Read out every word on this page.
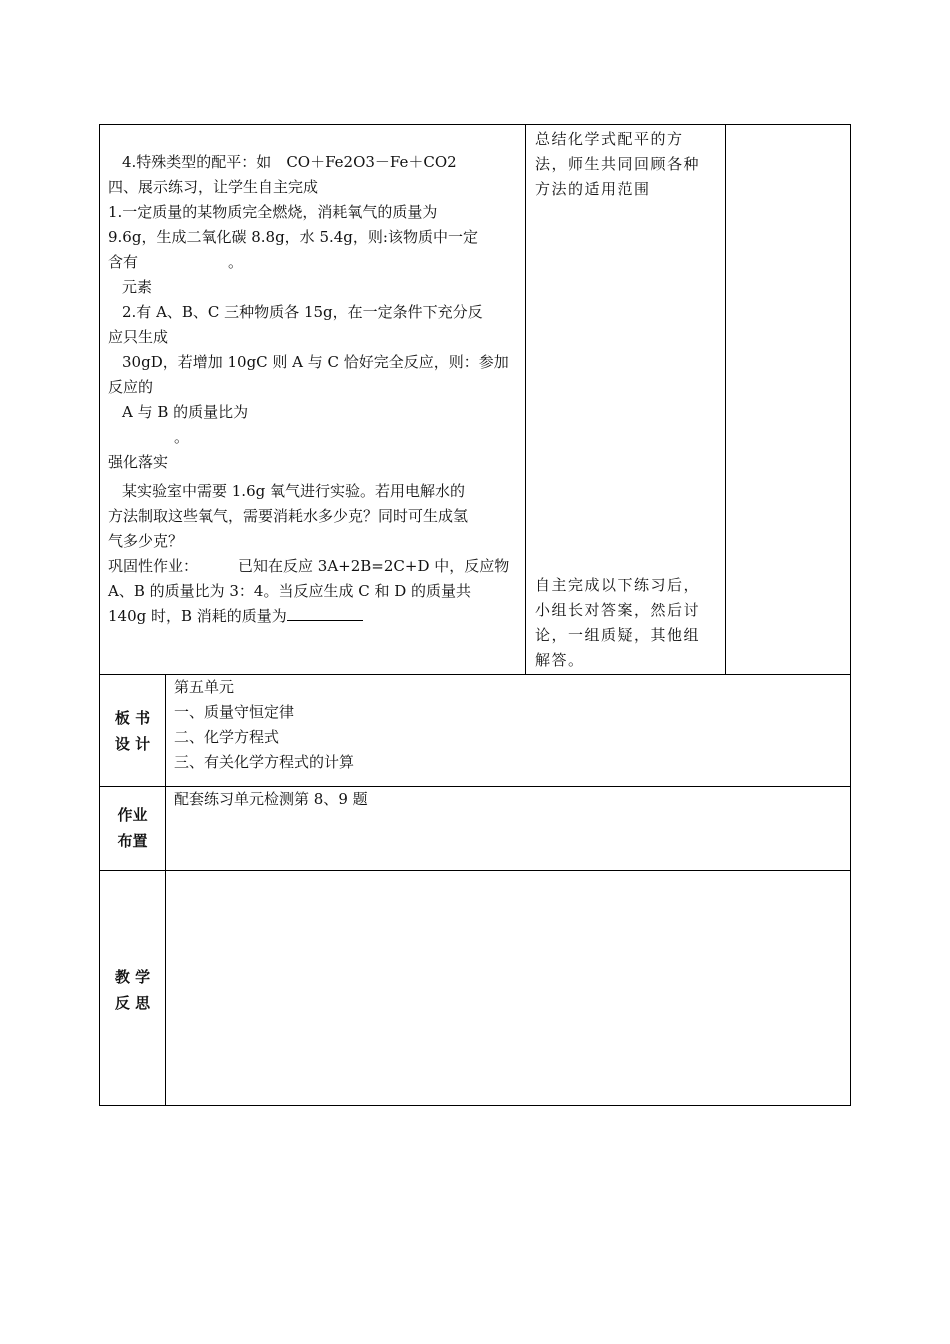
4.特殊类型的配平：如　CO＋Fe2O3－Fe＋CO2

四、展示练习，让学生自主完成

1.一定质量的某物质完全燃烧，消耗氧气的质量为

9.6g，生成二氧化碳 8.8g，水 5.4g，则:该物质中一定

含有	。

元素

2.有 A、B、C 三种物质各 15g，在一定条件下充分反

应只生成

30gD，若增加 10gC 则 A 与 C 恰好完全反应，则：参加

反应的

A 与 B 的质量比为

。

强化落实

某实验室中需要 1.6g 氧气进行实验。若用电解水的

方法制取这些氧气，需要消耗水多少克？同时可生成氢

气多少克？

巩固性作业：	已知在反应 3A+2B=2C+D 中，反应物

A、B 的质量比为 3：4。当反应生成 C 和 D 的质量共

140g 时，B 消耗的质量为

总结化学式配平的方

法，师生共同回顾各种

方法的适用范围

自主完成以下练习后，

小组长对答案，然后讨

论，一组质疑，其他组

解答。

板 书
设 计

第五单元

一、质量守恒定律

二、化学方程式

三、有关化学方程式的计算

作业
布置

配套练习单元检测第 8、9 题

教 学
反 思
